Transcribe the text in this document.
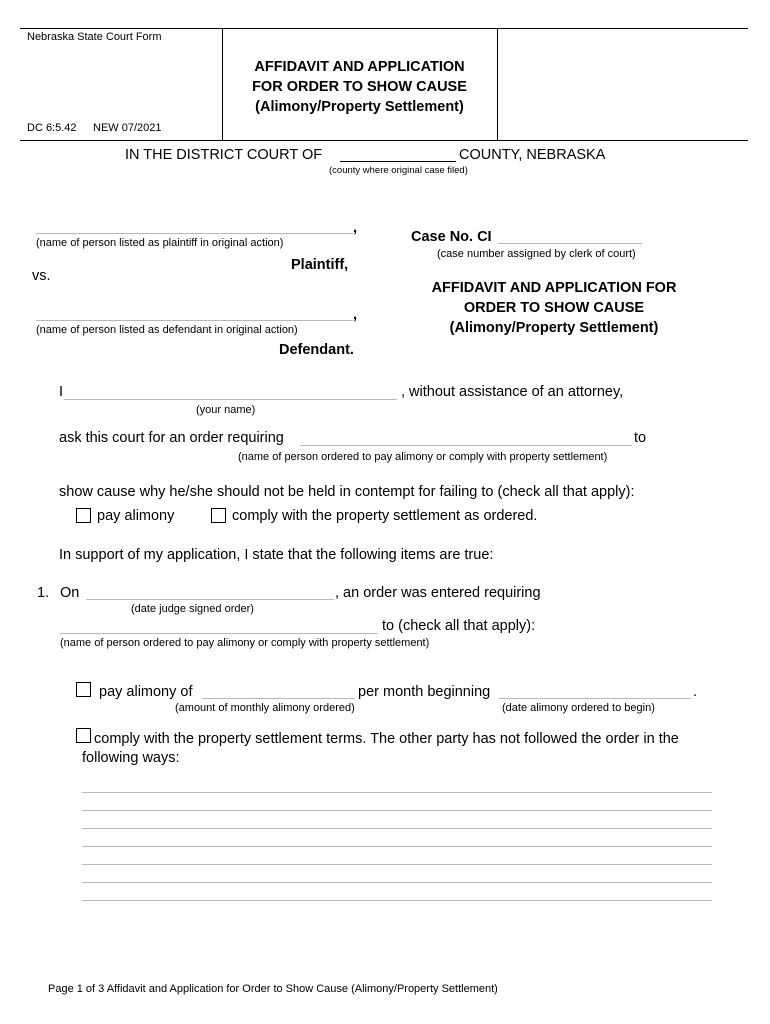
Nebraska State Court Form
AFFIDAVIT AND APPLICATION
FOR ORDER TO SHOW CAUSE
(Alimony/Property Settlement)
DC 6:5.42 NEW 07/2021
IN THE DISTRICT COURT OF	COUNTY, NEBRASKA
(county where original case filed)
,
(name of person listed as plaintiff in original action)
Plaintiff,
vs.
,
(name of person listed as defendant in original action)
Defendant.
Case No. CI
(case number assigned by clerk of court)
AFFIDAVIT AND APPLICATION FOR
ORDER TO SHOW CAUSE
(Alimony/Property Settlement)
I	, without assistance of an attorney,
(your name)
ask this court for an order requiring	to
(name of person ordered to pay alimony or comply with property settlement)
show cause why he/she should not be held in contempt for failing to (check all that apply):
pay alimony	comply with the property settlement as ordered.
In support of my application, I state that the following items are true:
1. On	, an order was entered requiring
(date judge signed order)
to (check all that apply):
(name of person ordered to pay alimony or comply with property settlement)
pay alimony of	per month beginning	.
(amount of monthly alimony ordered)	(date alimony ordered to begin)
comply with the property settlement terms. The other party has not followed the order in the
following ways:
Page 1 of 3 Affidavit and Application for Order to Show Cause (Alimony/Property Settlement)
